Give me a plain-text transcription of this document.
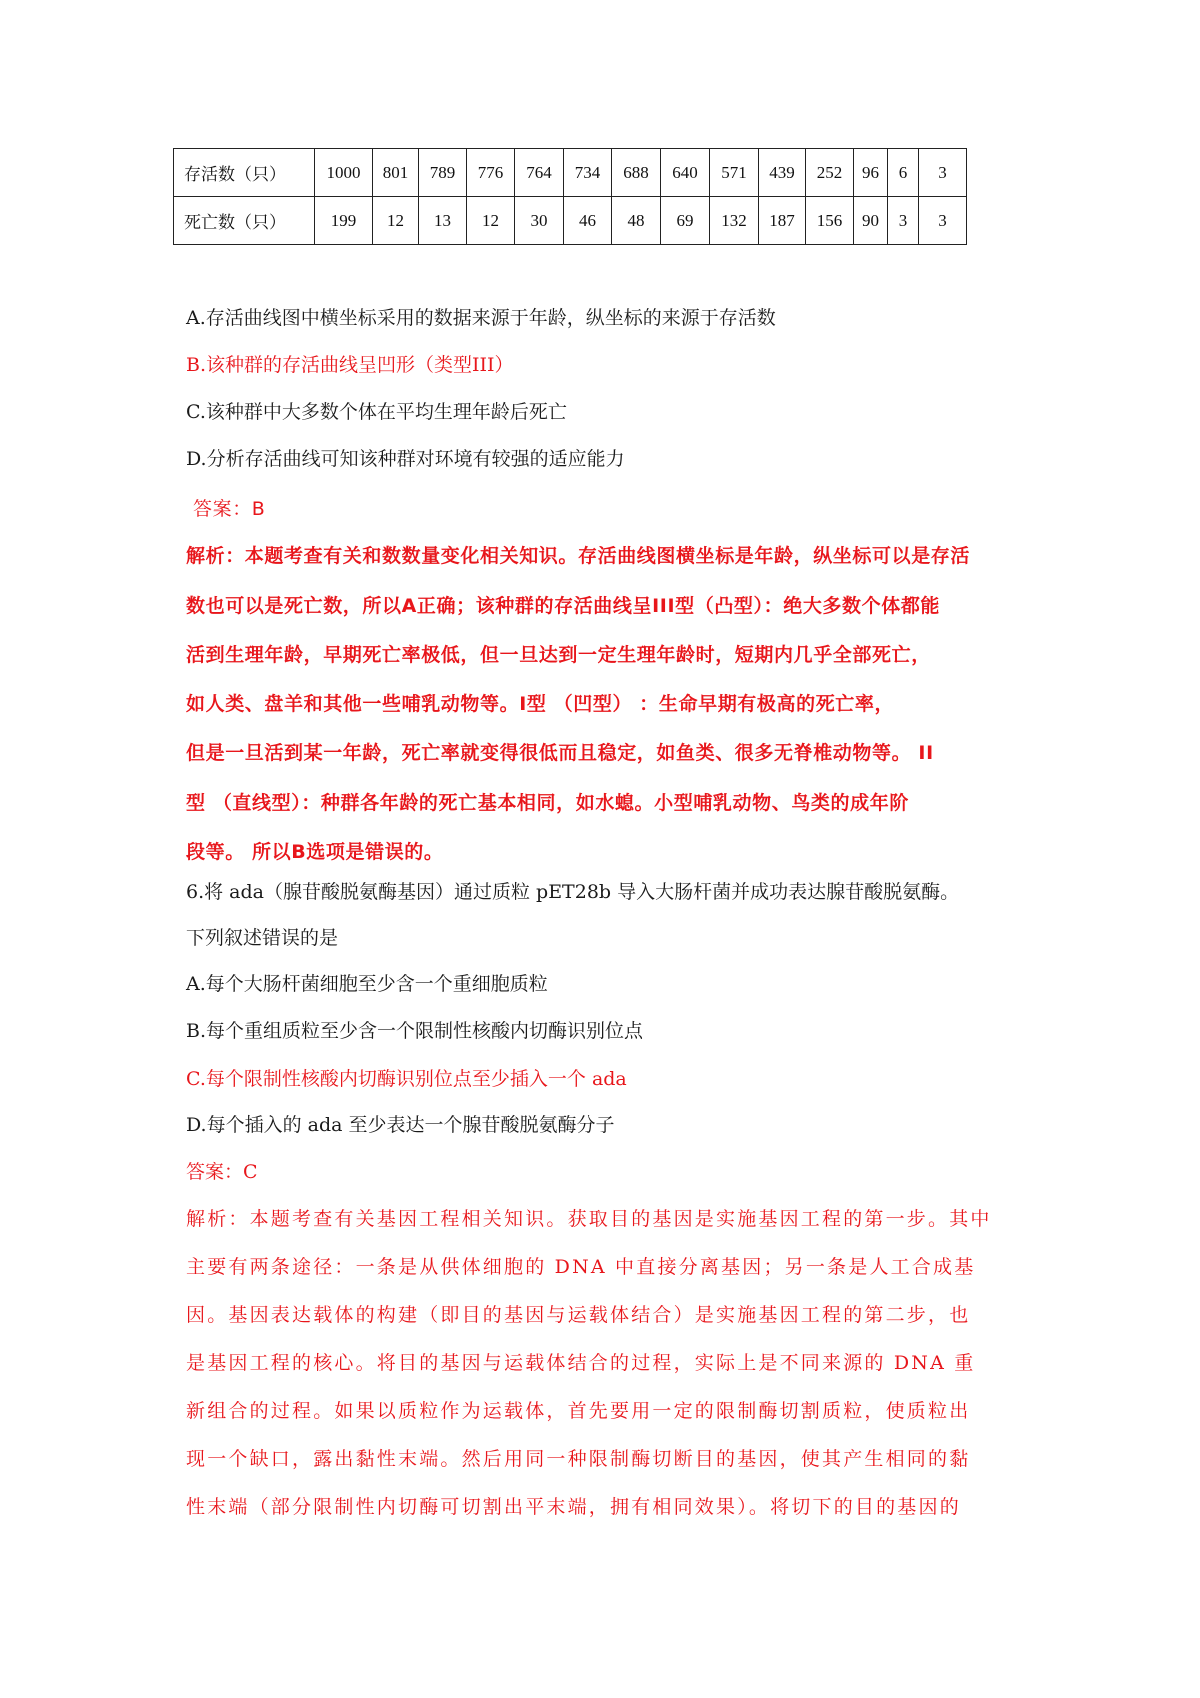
存活数（只）	1000	801	789	776	764	734	688	640	571	439	252	96	6	3
死亡数（只）	199	12	13	12	30	46	48	69	132	187	156	90	3	3
A.存活曲线图中横坐标采用的数据来源于年龄，纵坐标的来源于存活数
B.该种群的存活曲线呈凹形（类型III）
C.该种群中大多数个体在平均生理年龄后死亡
D.分析存活曲线可知该种群对环境有较强的适应能力
答案：B
解析：本题考查有关和数数量变化相关知识。存活曲线图横坐标是年龄，纵坐标可以是存活
数也可以是死亡数，所以A正确；该种群的存活曲线呈III型（凸型）：绝大多数个体都能
活到生理年龄，早期死亡率极低，但一旦达到一定生理年龄时，短期内几乎全部死亡，
如人类、盘羊和其他一些哺乳动物等。Ⅰ型 （凹型） ：生命早期有极高的死亡率，
但是一旦活到某一年龄，死亡率就变得很低而且稳定，如鱼类、很多无脊椎动物等。 II
型 （直线型）：种群各年龄的死亡基本相同，如水螅。小型哺乳动物、鸟类的成年阶
段等。 所以B选项是错误的。
6.将 ada（腺苷酸脱氨酶基因）通过质粒 pET28b 导入大肠杆菌并成功表达腺苷酸脱氨酶。
下列叙述错误的是
A.每个大肠杆菌细胞至少含一个重细胞质粒
B.每个重组质粒至少含一个限制性核酸内切酶识别位点
C.每个限制性核酸内切酶识别位点至少插入一个 ada
D.每个插入的 ada 至少表达一个腺苷酸脱氨酶分子
答案：C
解析：本题考查有关基因工程相关知识。获取目的基因是实施基因工程的第一步。其中
主要有两条途径：一条是从供体细胞的 DNA 中直接分离基因；另一条是人工合成基
因。基因表达载体的构建（即目的基因与运载体结合）是实施基因工程的第二步，也
是基因工程的核心。将目的基因与运载体结合的过程，实际上是不同来源的 DNA 重
新组合的过程。如果以质粒作为运载体，首先要用一定的限制酶切割质粒，使质粒出
现一个缺口，露出黏性末端。然后用同一种限制酶切断目的基因，使其产生相同的黏
性末端（部分限制性内切酶可切割出平末端，拥有相同效果）。将切下的目的基因的
